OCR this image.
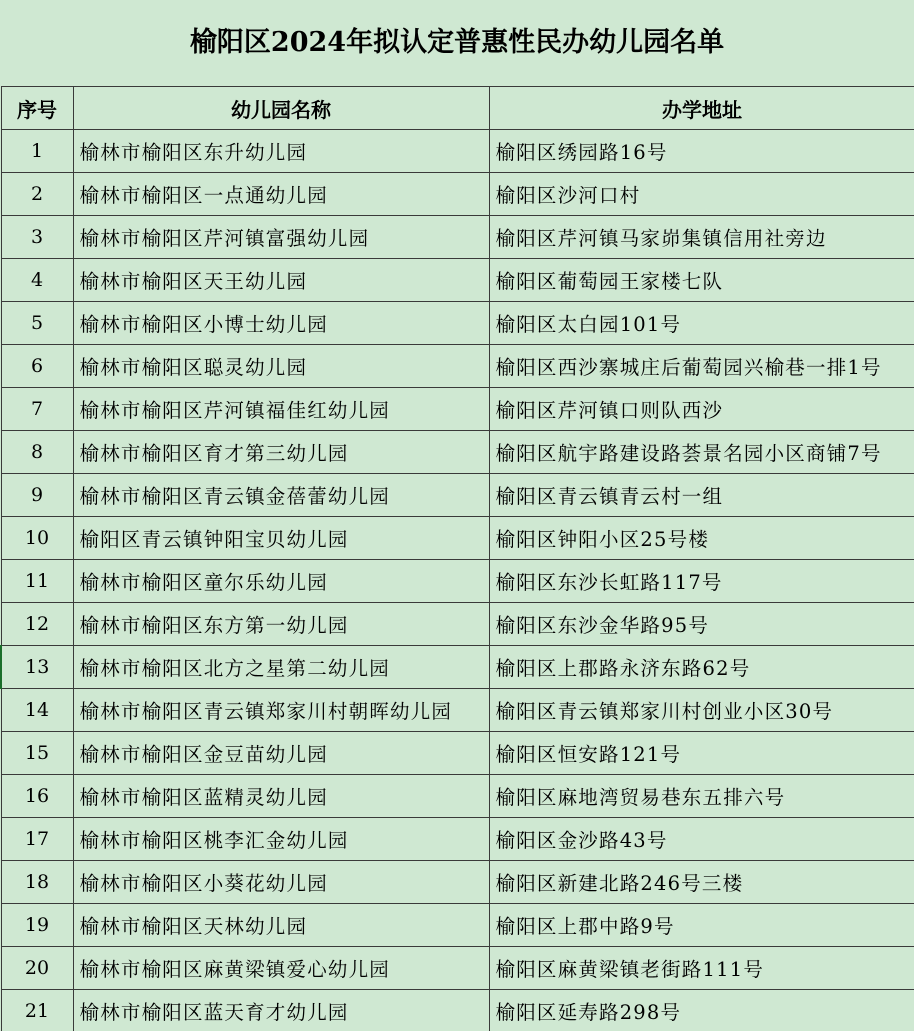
榆阳区2024年拟认定普惠性民办幼儿园名单
序号	幼儿园名称	办学地址
1	榆林市榆阳区东升幼儿园	榆阳区绣园路16号
2	榆林市榆阳区一点通幼儿园	榆阳区沙河口村
3	榆林市榆阳区芹河镇富强幼儿园	榆阳区芹河镇马家峁集镇信用社旁边
4	榆林市榆阳区天王幼儿园	榆阳区葡萄园王家楼七队
5	榆林市榆阳区小博士幼儿园	榆阳区太白园101号
6	榆林市榆阳区聪灵幼儿园	榆阳区西沙寨城庄后葡萄园兴榆巷一排1号
7	榆林市榆阳区芹河镇福佳红幼儿园	榆阳区芹河镇口则队西沙
8	榆林市榆阳区育才第三幼儿园	榆阳区航宇路建设路荟景名园小区商铺7号
9	榆林市榆阳区青云镇金蓓蕾幼儿园	榆阳区青云镇青云村一组
10	榆阳区青云镇钟阳宝贝幼儿园	榆阳区钟阳小区25号楼
11	榆林市榆阳区童尔乐幼儿园	榆阳区东沙长虹路117号
12	榆林市榆阳区东方第一幼儿园	榆阳区东沙金华路95号
13	榆林市榆阳区北方之星第二幼儿园	榆阳区上郡路永济东路62号
14	榆林市榆阳区青云镇郑家川村朝晖幼儿园	榆阳区青云镇郑家川村创业小区30号
15	榆林市榆阳区金豆苗幼儿园	榆阳区恒安路121号
16	榆林市榆阳区蓝精灵幼儿园	榆阳区麻地湾贸易巷东五排六号
17	榆林市榆阳区桃李汇金幼儿园	榆阳区金沙路43号
18	榆林市榆阳区小葵花幼儿园	榆阳区新建北路246号三楼
19	榆林市榆阳区天林幼儿园	榆阳区上郡中路9号
20	榆林市榆阳区麻黄梁镇爱心幼儿园	榆阳区麻黄梁镇老街路111号
21	榆林市榆阳区蓝天育才幼儿园	榆阳区延寿路298号
